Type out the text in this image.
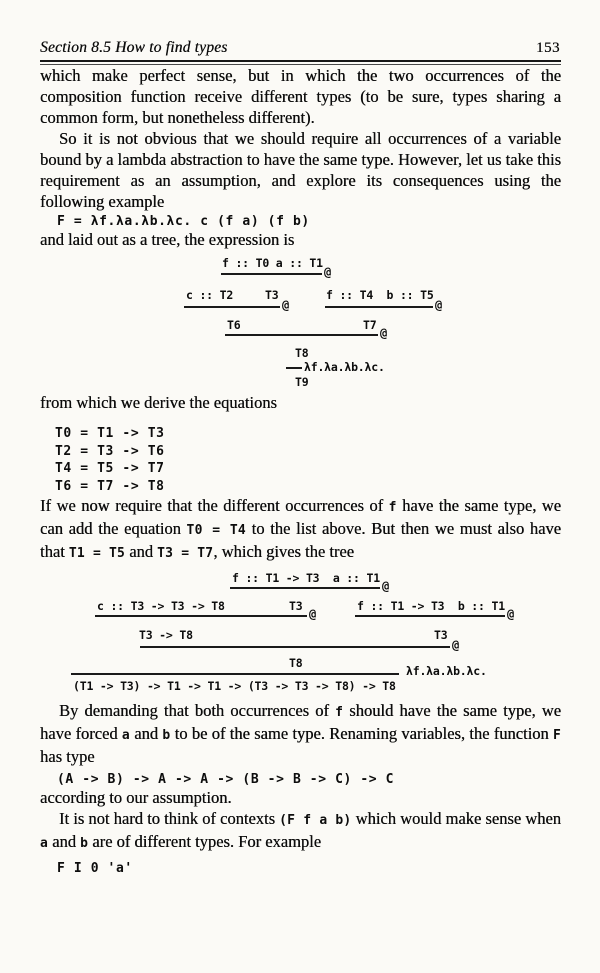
Section 8.5 How to find types	153

which make perfect sense, but in which the two occurrences of the composition function receive different types (to be sure, types sharing a common form, but nonetheless different).

So it is not obvious that we should require all occurrences of a variable bound by a lambda abstraction to have the same type. However, let us take this requirement as an assumption, and explore its consequences using the following example

F = λf.λa.λb.λc. c (f a) (f b)

and laid out as a tree, the expression is

f :: T0 a :: T1
@
c :: T2	T3
@
f :: T4  b :: T5
@
T6	T7
@
T8
λf.λa.λb.λc.
T9

from which we derive the equations

T0 = T1 -> T3
T2 = T3 -> T6
T4 = T5 -> T7
T6 = T7 -> T8

If we now require that the different occurrences of f have the same type, we can add the equation T0 = T4 to the list above. But then we must also have that T1 = T5 and T3 = T7, which gives the tree

f :: T1 -> T3  a :: T1
@
c :: T3 -> T3 -> T8	T3
@
f :: T1 -> T3  b :: T1
@
T3 -> T8	T3
@
T8
λf.λa.λb.λc.
(T1 -> T3) -> T1 -> T1 -> (T3 -> T3 -> T8) -> T8

By demanding that both occurrences of f should have the same type, we have forced a and b to be of the same type. Renaming variables, the function F has type

(A -> B) -> A -> A -> (B -> B -> C) -> C

according to our assumption.

It is not hard to think of contexts (F f a b) which would make sense when a and b are of different types. For example

F I 0 'a'
